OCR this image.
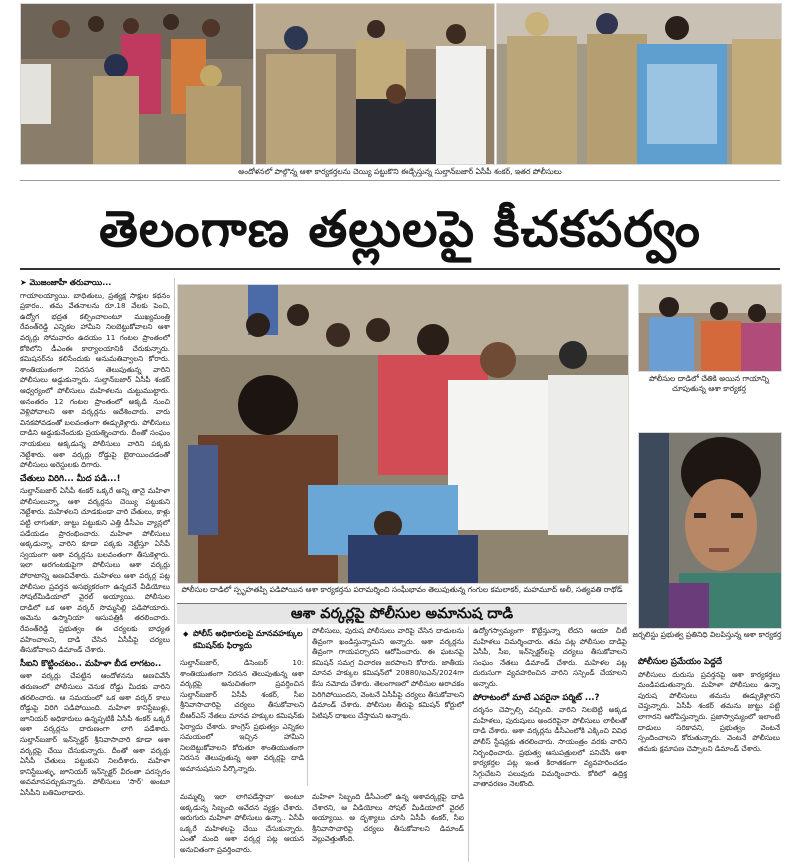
అందోళనలో పాల్గొన్న ఆశా కార్యకర్తలను చెయ్యి పట్టుకొని ఈడ్చేస్తున్న సుల్తాన్‌బజార్ ఏసీపీ శంకర్, ఇతర పోలీసులు
తెలంగాణ తల్లులపై కీచకపర్వం
➤ మొజంజాహీ తరువాయి...
గాయాలయ్యాయి. బాధితులు, ప్రత్యక్ష సాక్షుల కథనం ప్రకారం.. తమ వేతనాలను రూ.18 వేలకు పెంచి, ఉద్యోగ భద్రత కల్పించాలంటూ ముఖ్యమంత్రి రేవంత్‌రెడ్డి ఎన్నికల హామీని నిలబెట్టుకోవాలని ఆశా వర్కర్లు సోమవారం ఉదయం 11 గంటల ప్రాంతంలో కోఠిలోని డీఎంఈ కార్యాలయానికి చేరుకున్నారు. కమిషనర్‌ను కలిసేందుకు అనుమతివ్వాలని కోరారు. శాంతియుతంగా నిరసన తెలుపుతున్న వారిని పోలీసులు అడ్డుకున్నారు. సుల్తాన్‌బజార్ ఏసీపీ శంకర్ ఆధ్వర్యంలో పోలీసులు మహిళలను చుట్టుముట్టారు. అనంతరం 12 గంటల ప్రాంతంలో అక్కడి నుంచి వెళ్లిపోవాలని ఆశా వర్కర్లను ఆదేశించారు. వారు వినకపోవడంతో బలవంతంగా ఈడ్చుకెళ్లారు. పోలీసులు దాడిని అడ్డుకునేందుకు ప్రయత్నించారు. దీంతో సంఘం నాయకులు అక్కడున్న పోలీసులు వారిని పక్కకు నెట్టేశారు. ఆశా వర్కర్లు రోడ్డుపై బైఠాయించడంతో పోలీసులు అరెస్టులకు దిగారు.
చేతులు విరిగి... మీద పడి...!
సుల్తాన్‌బజార్ ఏసీపీ శంకర్ ఒక్కరే అన్ని తానై మహిళా పోలీసులున్నా, ఆశా వర్కర్లను చెయ్యి పట్టుకుని నెట్టేశారు. మహిళలని చూడకుండా వారి చేతులు, కాళ్లు పట్టి లాగుతూ, జుట్టు పట్టుకుని ఎత్తి డీసీఎం వ్యాన్లలో పడేయడం ప్రారంభించారు. మహిళా పోలీసులు అక్కడున్నా, వారిని కూడా పక్కకు నెట్టేస్తూ ఏసీపీ స్వయంగా ఆశా వర్కర్లను బలవంతంగా తీసుకెళ్లారు. ఇలా అరగంటకుపైగా పోలీసులు ఆశా వర్కర్లు పోరాటాన్ని అణచివేశారు. మహిళలు ఆశా వర్కర్ల పట్ల పోలీసుల ప్రవర్తన అసభ్యకరంగా ఉన్నదనే వీడియోలు సోషల్‌మీడియాలో వైరల్ అయ్యాయి. పోలీసుల దాడిలో ఒక ఆశా వర్కర్ సొమ్మసిల్లి పడిపోయారు. ఆమెను ఉస్మానియా ఆసుపత్రికి తరలించారు. రేవంత్‌రెడ్డి ప్రభుత్వం ఈ చర్యలకు బాధ్యత వహించాలని, దాడి చేసిన ఏసీపీపై చర్యలు తీసుకోవాలని డిమాండ్ చేశారు.
సీఐని కొట్టించటం.. మహిళా బీడ లాగటం..
ఆశా వర్కర్లు చేపట్టిన ఆందోళనను అణచివేసే తరుణంలో పోలీసులు వెనుక రోడ్డు మీదకు వారిని తరలించారు. ఆ సమయంలో ఒక ఆశా వర్కర్ కాలు రోడ్డుపై విరిగి పడిపోయింది. మహిళా కానిస్టేబుళ్లు, జూనియర్ అధికారులు ఉన్నప్పటికీ ఏసీపీ శంకర్ ఒక్కరే ఆశా వర్కర్లను దారుణంగా లాగి పడేశారు. సుల్తాన్‌బజార్ ఇన్‌స్పెక్టర్ శ్రీనివాసాచారి కూడా ఆశా వర్కర్లపై చేయి చేసుకున్నారు. దీంతో ఆశా వర్కర్లు ఏసీపీ చేతులు పట్టుకుని నిలదీశారు. మహిళా కానిస్టేబుళ్ళు, జూనియర్ ఇన్‌స్పెక్టర్ వీరంతా పరస్పరం అవమానపర్చుకున్నారు. పోలీసులు 'సార్' అంటూ ఏసీపీని బతిమిలాడారు.
పోలీసుల దాడిలో స్పృహతప్పి పడిపోయిన ఆశా కార్యకర్తను పరామర్శించి సంఘీభావం తెలుపుతున్న గంగుల కమలాకర్, మహమూద్ అలీ, సత్యవతి రాథోడ్
ఆశా వర్కర్లపై పోలీసుల అమానుష దాడి
◆ పోలీస్ అధికారులపై మానవహక్కుల కమిషన్‌కు ఫిర్యాదు
సుల్తాన్‌బజార్, డిసెంబర్ 10: శాంతియుతంగా నిరసన తెలుపుతున్న ఆశా వర్కర్లపై అనుచితంగా ప్రవర్తించిన సుల్తాన్‌బజార్ ఏసీపీ శంకర్, సీఐ శ్రీనివాసాచారిపై చర్యలు తీసుకోవాలని బీఆర్‌ఎస్ నేతలు మానవ హక్కుల కమిషన్‌కు ఫిర్యాదు చేశారు. కాంగ్రెస్ ప్రభుత్వం ఎన్నికల సమయంలో ఇచ్చిన హామీని నిలబెట్టుకోవాలని కోరుతూ శాంతియుతంగా నిరసన తెలుపుతున్న ఆశా వర్కర్లపై దాడి అమానుషమని పేర్కొన్నారు.
పోలీసులు, పురుష పోలీసులు వారిపై చేసిన దాడులను తీవ్రంగా ఖండిస్తున్నామని అన్నారు. ఆశా వర్కర్లను తీవ్రంగా గాయపర్చారని ఆరోపించారు. ఈ ఘటనపై కమిషన్ సమగ్ర విచారణ జరపాలని కోరారు. జాతీయ మానవ హక్కుల కమిషన్‌లో 20880/ఐఎన్/2024గా కేసు నమోదు చేశారు. తెలంగాణలో పోలీసుల అరాచకం పెరిగిపోయిందని, వెంటనే ఏసీపీపై చర్యలు తీసుకోవాలని డిమాండ్ చేశారు. పోలీసుల తీరుపై కమిషన్ కోర్టులో పిటిషన్ దాఖలు చేస్తామని అన్నారు.
మమ్మల్ని ఇలా లాగిపడేస్తావా' అంటూ అక్కడున్న సిబ్బంది ఆవేదన వ్యక్తం చేశారు. ఆరుగురు మహిళా పోలీసులు ఉన్నా.. ఏసీపీ ఒక్కరే మహిళలపై చేయి చేసుకున్నారు. ఎంతో మంది ఆశా వర్కర్ల పట్ల ఆయన అనుచితంగా ప్రవర్తించారు.
మహిళా సిబ్బంది డీసీఎంలో ఉన్న ఆశావర్కర్లపై దాడి చేశారని, ఆ వీడియోలు సోషల్ మీడియాలో వైరల్ అయ్యాయి. ఆ దృశ్యాలు చూసి ఏసీపీ శంకర్, సీఐ శ్రీనివాసాచారిపై చర్యలు తీసుకోవాలని డిమాండ్ వెల్లువెత్తుతోంది.
ఉద్యోగస్వామ్యంగా కొట్టేస్తున్నా లేదని ఆయా చీటీ మహిళలు విమర్శించారు. తమ పట్ల పోలీసుల దాడిపై ఏసీపీ, సీఐ, ఇన్‌స్పెక్టర్‌లపై చర్యలు తీసుకోవాలని సంఘం నేతలు డిమాండ్ చేశారు. మహిళల పట్ల దురుసుగా వ్యవహరించిన వారిని సస్పెండ్ చేయాలని అన్నారు.
పోరాటంలో మాటే ఎవరైనా పర్మిట్ ...?
దర్శనం చెప్పాల్సి వచ్చింది. వారిని నిలబెట్టి అక్కడ మహిళలు, పురుషులు అందరిపైనా పోలీసులు లాఠీలతో దాడి చేశారు. ఆశా వర్కర్లను డీసీఎంలోకి ఎక్కించి వివిధ పోలీస్ స్టేషన్లకు తరలించారు. సాయంత్రం వరకు వారిని నిర్బంధించారు. ప్రభుత్వ ఆసుపత్రులలో పనిచేసే ఆశా కార్యకర్తల పట్ల ఇంత కిరాతకంగా వ్యవహరించడం సిగ్గుచేటని పలువురు విమర్శించారు. కోఠిలో ఉద్రిక్త వాతావరణం నెలకొంది.
పోలీసుల దాడిలో చేతికి అయిన గాయాన్ని చూపుతున్న ఆశా కార్యకర్త
జర్నలిస్టు ప్రభుత్వ ప్రతినిధి విలపిస్తున్న ఆశా కార్యకర్త
పోలీసుల ప్రమేయం పెద్దదే
పోలీసులు దురుసు ప్రవర్తనపై ఆశా కార్యకర్తలు మండిపడుతున్నారు. మహిళా పోలీసులు ఉన్నా పురుష పోలీసులు తమను ఈడ్చుకెళ్లారని చెప్తున్నారు. ఏసీపీ శంకర్ తమను జుట్టు పట్టి లాగారని ఆరోపిస్తున్నారు. ప్రజాస్వామ్యంలో ఇలాంటి దాడులు సరికావని, ప్రభుత్వం వెంటనే స్పందించాలని కోరుతున్నారు. వెంటనే పోలీసులు తమకు క్షమాపణ చెప్పాలని డిమాండ్ చేశారు.
